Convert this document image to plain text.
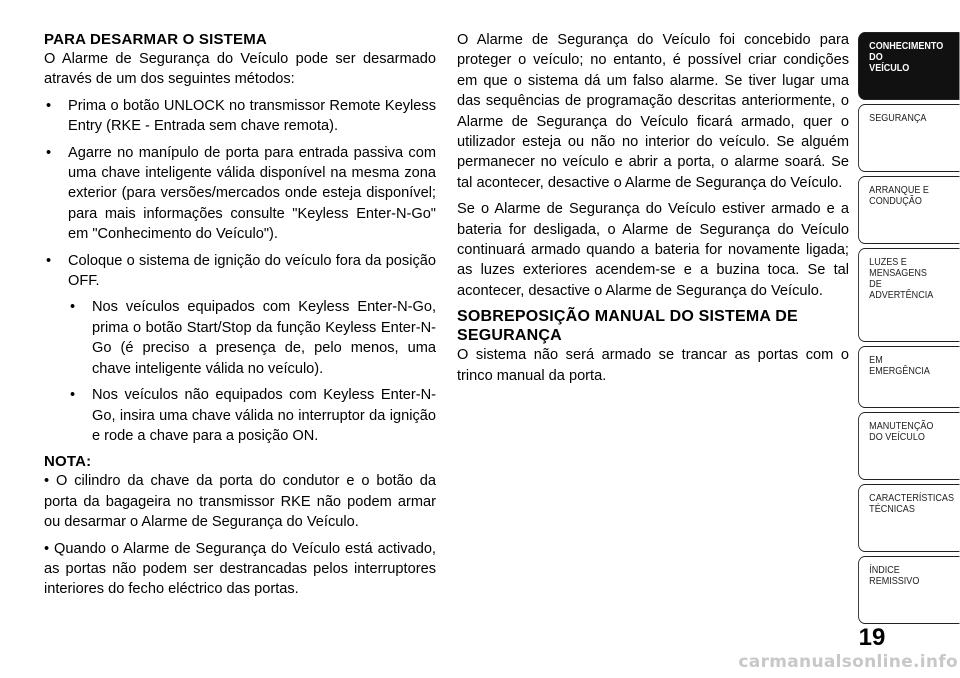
PARA DESARMAR O SISTEMA

O Alarme de Segurança do Veículo pode ser desarmado através de um dos seguintes métodos:

• Prima o botão UNLOCK no transmissor Remote Keyless Entry (RKE - Entrada sem chave remota).
• Agarre no manípulo de porta para entrada passiva com uma chave inteligente válida disponível na mesma zona exterior (para versões/mercados onde esteja disponível; para mais informações consulte "Keyless Enter-N-Go" em "Conhecimento do Veículo").
• Coloque o sistema de ignição do veículo fora da posição OFF.
• Nos veículos equipados com Keyless Enter-N-Go, prima o botão Start/Stop da função Keyless Enter-N-Go (é preciso a presença de, pelo menos, uma chave inteligente válida no veículo).
• Nos veículos não equipados com Keyless Enter-N-Go, insira uma chave válida no interruptor da ignição e rode a chave para a posição ON.
NOTA:

• O cilindro da chave da porta do condutor e o botão da porta da bagageira no transmissor RKE não podem armar ou desarmar o Alarme de Segurança do Veículo.

• Quando o Alarme de Segurança do Veículo está activado, as portas não podem ser destrancadas pelos interruptores interiores do fecho eléctrico das portas.

O Alarme de Segurança do Veículo foi concebido para proteger o veículo; no entanto, é possível criar condições em que o sistema dá um falso alarme. Se tiver lugar uma das sequências de programação descritas anteriormente, o Alarme de Segurança do Veículo ficará armado, quer o utilizador esteja ou não no interior do veículo. Se alguém permanecer no veículo e abrir a porta, o alarme soará. Se tal acontecer, desactive o Alarme de Segurança do Veículo.

Se o Alarme de Segurança do Veículo estiver armado e a bateria for desligada, o Alarme de Segurança do Veículo continuará armado quando a bateria for novamente ligada; as luzes exteriores acendem-se e a buzina toca. Se tal acontecer, desactive o Alarme de Segurança do Veículo.

SOBREPOSIÇÃO MANUAL DO SISTEMA DE SEGURANÇA

O sistema não será armado se trancar as portas com o trinco manual da porta.

CONHECIMENTO
DO
VEÍCULO
SEGURANÇA
ARRANQUE E
CONDUÇÃO
LUZES E
MENSAGENS
DE
ADVERTÊNCIA
EM
EMERGÊNCIA
MANUTENÇÃO
DO VEÍCULO
CARACTERÍSTICAS
TÉCNICAS
ÍNDICE
REMISSIVO
19
carmanualsonline.info
